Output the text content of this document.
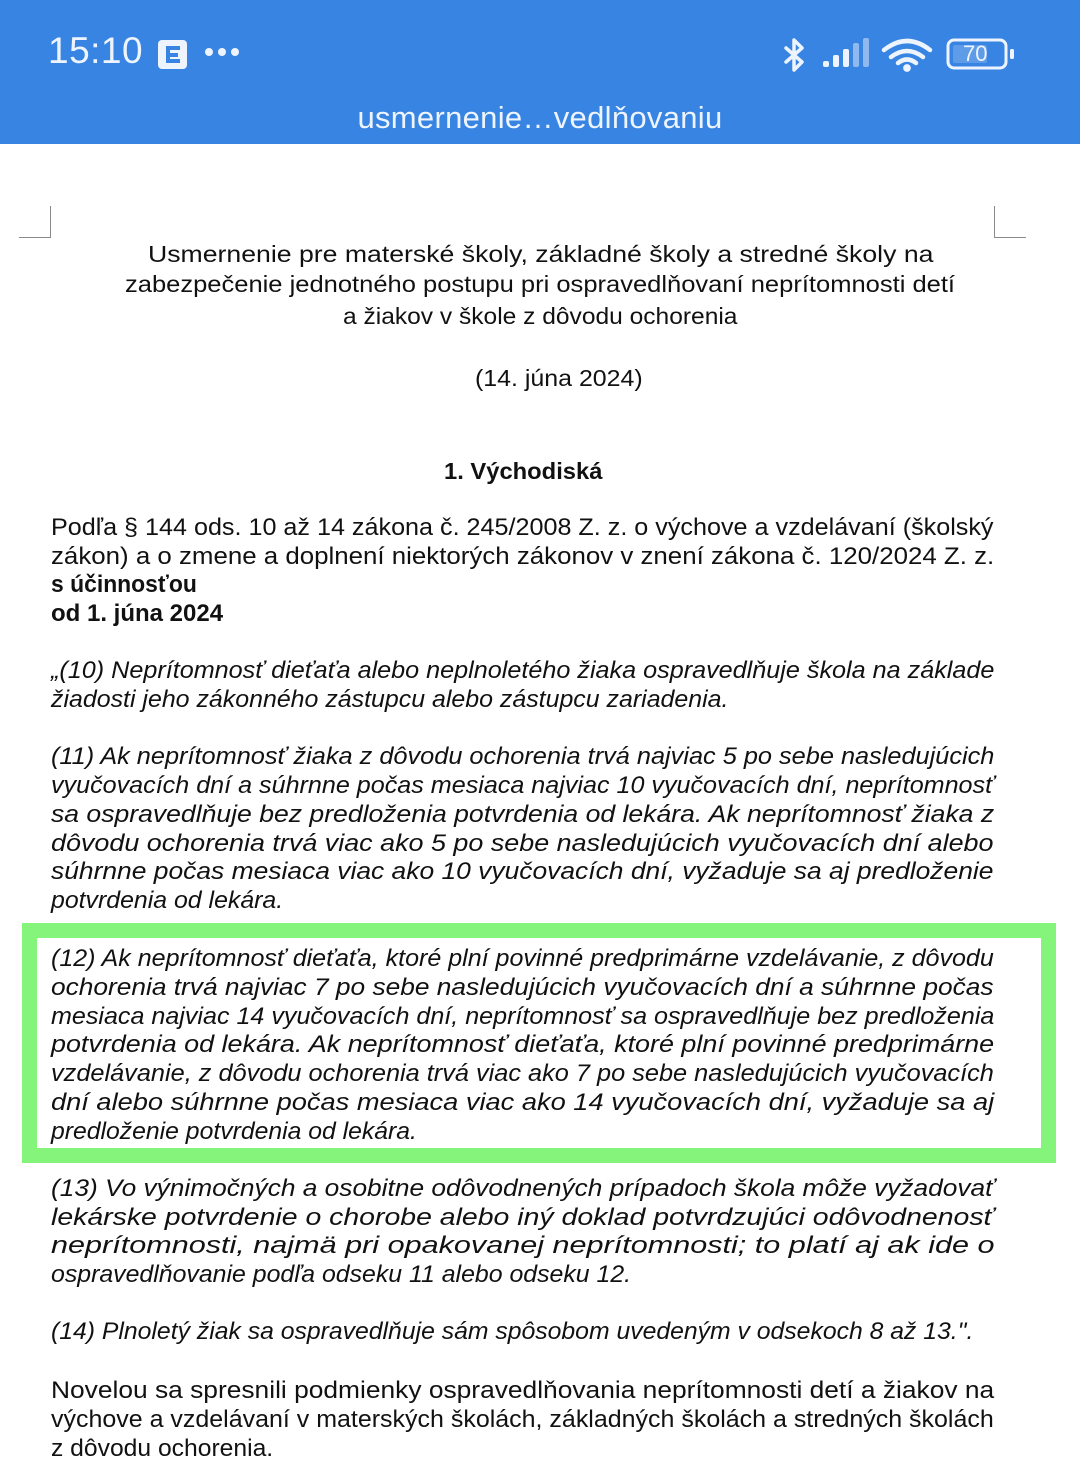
15:10	70
usmernenie…vedlňovaniu
Usmernenie pre materské školy, základné školy a stredné školy na
zabezpečenie jednotného postupu pri ospravedlňovaní neprítomnosti detí
a žiakov v škole z dôvodu ochorenia
(14. júna 2024)
1. Východiská
Podľa § 144 ods. 10 až 14 zákona č. 245/2008 Z. z. o výchove a vzdelávaní (školský
zákon) a o zmene a doplnení niektorých zákonov v znení zákona č. 120/2024 Z. z.
s účinnosťou
od 1. júna 2024
„(10) Neprítomnosť dieťaťa alebo neplnoletého žiaka ospravedlňuje škola na základe
žiadosti jeho zákonného zástupcu alebo zástupcu zariadenia.
(11) Ak neprítomnosť žiaka z dôvodu ochorenia trvá najviac 5 po sebe nasledujúcich
vyučovacích dní a súhrnne počas mesiaca najviac 10 vyučovacích dní, neprítomnosť
sa ospravedlňuje bez predloženia potvrdenia od lekára. Ak neprítomnosť žiaka z
dôvodu ochorenia trvá viac ako 5 po sebe nasledujúcich vyučovacích dní alebo
súhrnne počas mesiaca viac ako 10 vyučovacích dní, vyžaduje sa aj predloženie
potvrdenia od lekára.
(12) Ak neprítomnosť dieťaťa, ktoré plní povinné predprimárne vzdelávanie, z dôvodu
ochorenia trvá najviac 7 po sebe nasledujúcich vyučovacích dní a súhrnne počas
mesiaca najviac 14 vyučovacích dní, neprítomnosť sa ospravedlňuje bez predloženia
potvrdenia od lekára. Ak neprítomnosť dieťaťa, ktoré plní povinné predprimárne
vzdelávanie, z dôvodu ochorenia trvá viac ako 7 po sebe nasledujúcich vyučovacích
dní alebo súhrnne počas mesiaca viac ako 14 vyučovacích dní, vyžaduje sa aj
predloženie potvrdenia od lekára.
(13) Vo výnimočných a osobitne odôvodnených prípadoch škola môže vyžadovať
lekárske potvrdenie o chorobe alebo iný doklad potvrdzujúci odôvodnenosť
neprítomnosti, najmä pri opakovanej neprítomnosti; to platí aj ak ide o
ospravedlňovanie podľa odseku 11 alebo odseku 12.
(14) Plnoletý žiak sa ospravedlňuje sám spôsobom uvedeným v odsekoch 8 až 13.".
Novelou sa spresnili podmienky ospravedlňovania neprítomnosti detí a žiakov na
výchove a vzdelávaní v materských školách, základných školách a stredných školách
z dôvodu ochorenia.
